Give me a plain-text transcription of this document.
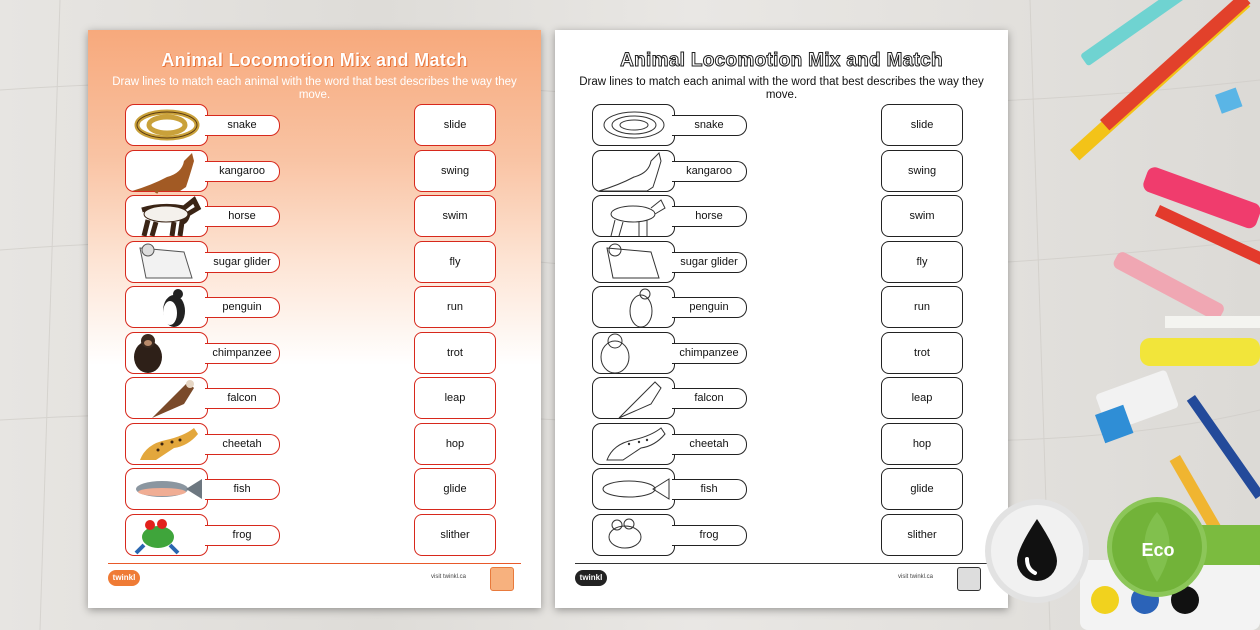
Animal Locomotion Mix and Match
Draw lines to match each animal with the word that best describes the way they move.
snake	slide
kangaroo	swing
horse	swim
sugar glider	fly
penguin	run
chimpanzee	trot
falcon	leap
cheetah	hop
fish	glide
frog	slither
twinkl	visit twinkl.ca
Animal Locomotion Mix and Match
Draw lines to match each animal with the word that best describes the way they move.
snake	slide
kangaroo	swing
horse	swim
sugar glider	fly
penguin	run
chimpanzee	trot
falcon	leap
cheetah	hop
fish	glide
frog	slither
twinkl	visit twinkl.ca
Eco
